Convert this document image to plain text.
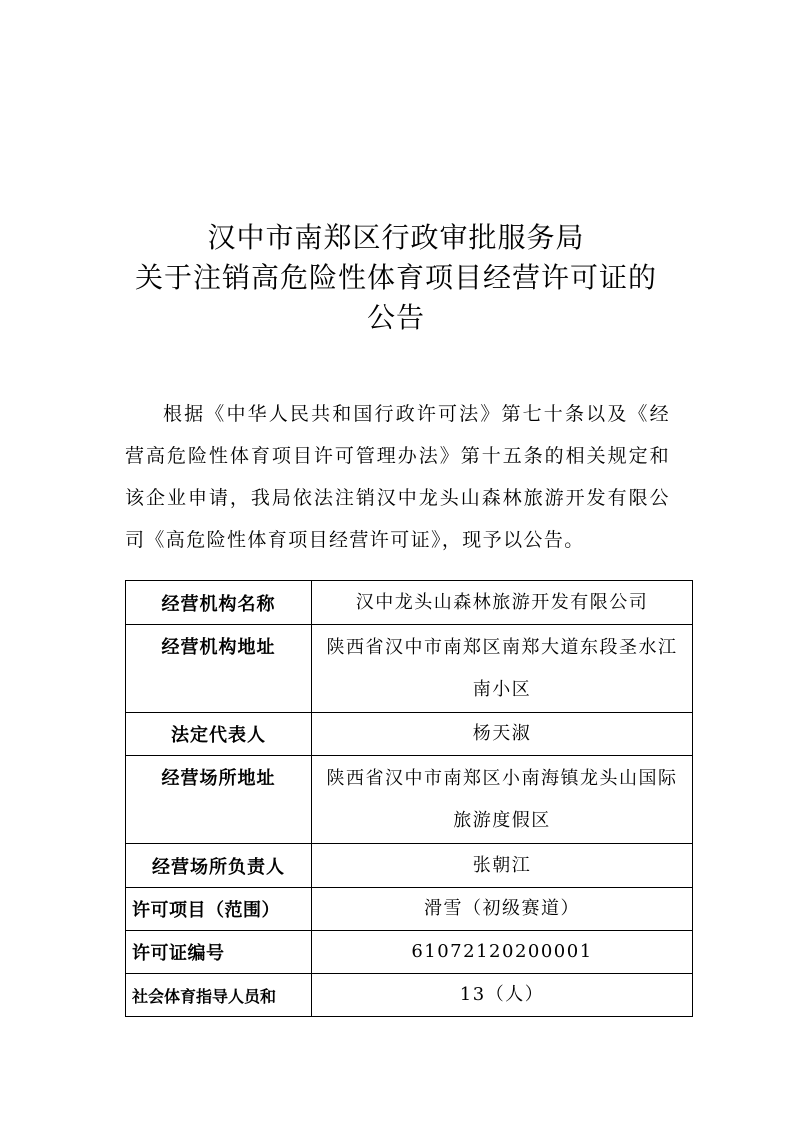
汉中市南郑区行政审批服务局
关于注销高危险性体育项目经营许可证的
公告
根据《中华人民共和国行政许可法》第七十条以及《经营高危险性体育项目许可管理办法》第十五条的相关规定和该企业申请，我局依法注销汉中龙头山森林旅游开发有限公司《高危险性体育项目经营许可证》，现予以公告。
经营机构名称	汉中龙头山森林旅游开发有限公司
经营机构地址	陕西省汉中市南郑区南郑大道东段圣水江南小区
法定代表人	杨天淑
经营场所地址	陕西省汉中市南郑区小南海镇龙头山国际旅游度假区
经营场所负责人	张朝江
许可项目（范围）	滑雪（初级赛道）
许可证编号	61072120200001
社会体育指导人员和	13（人）
